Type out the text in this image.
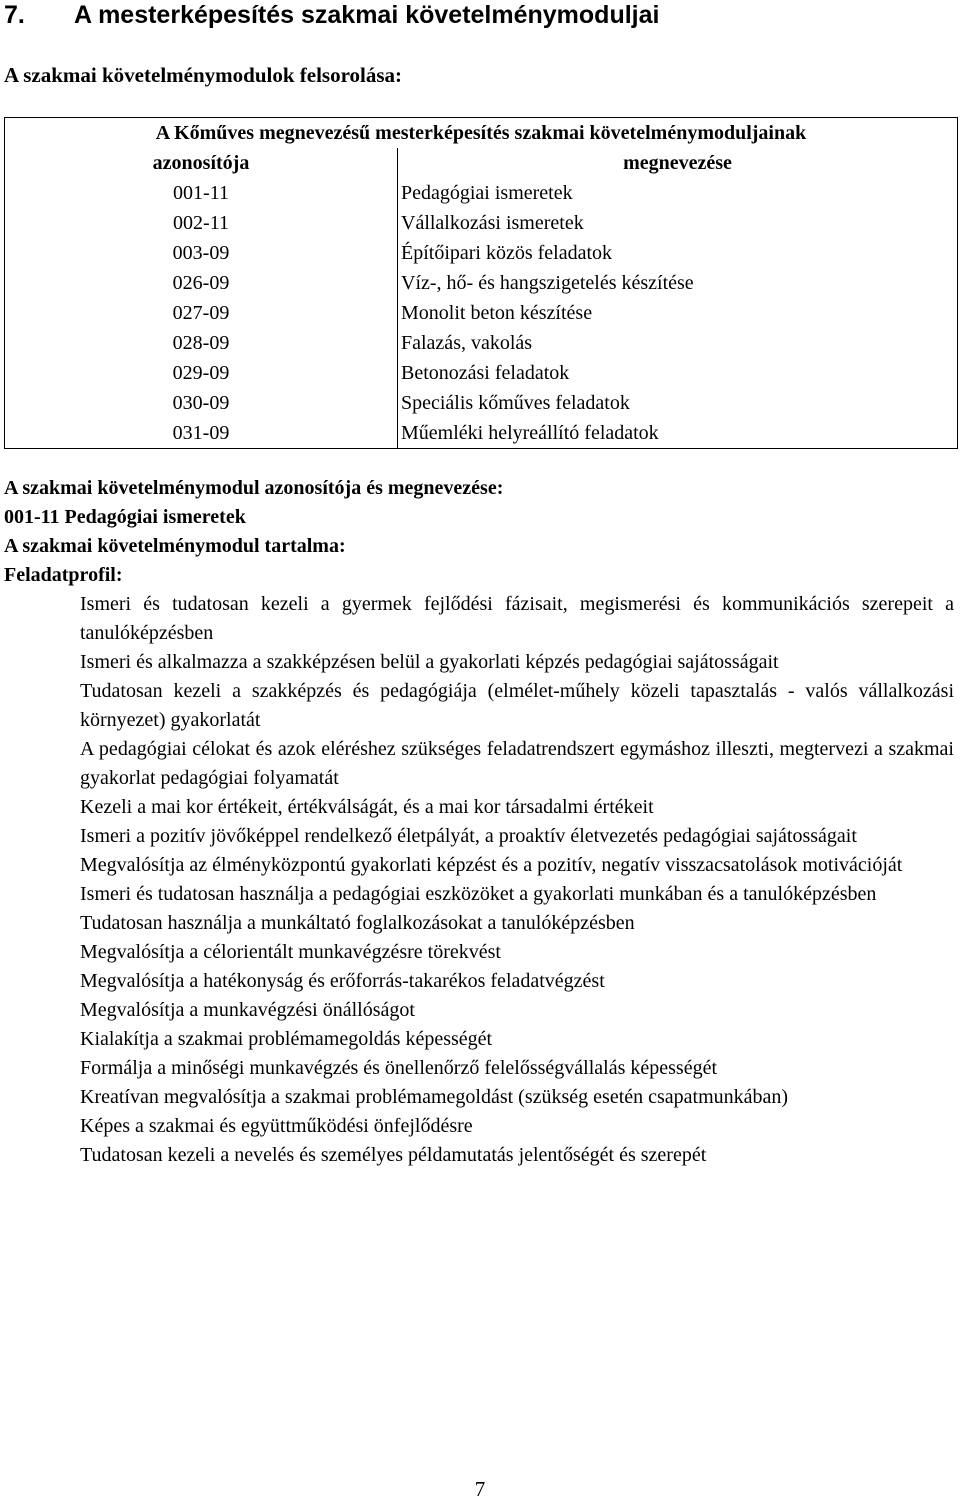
7. A mesterképesítés szakmai követelménymoduljai

A szakmai követelménymodulok felsorolása:

A Kőműves megnevezésű mesterképesítés szakmai követelménymoduljainak	
azonosítója	megnevezése
001-11	Pedagógiai ismeretek
002-11	Vállalkozási ismeretek
003-09	Építőipari közös feladatok
026-09	Víz-, hő- és hangszigetelés készítése
027-09	Monolit beton készítése
028-09	Falazás, vakolás
029-09	Betonozási feladatok
030-09	Speciális kőműves feladatok
031-09	Műemléki helyreállító feladatok

A szakmai követelménymodul azonosítója és megnevezése:

001-11 Pedagógiai ismeretek

A szakmai követelménymodul tartalma:

Feladatprofil:

Ismeri és tudatosan kezeli a gyermek fejlődési fázisait, megismerési és kommunikációs szerepeit a tanulóképzésben
Ismeri és alkalmazza a szakképzésen belül a gyakorlati képzés pedagógiai sajátosságait
Tudatosan kezeli a szakképzés és pedagógiája (elmélet-műhely közeli tapasztalás - valós vállalkozási környezet) gyakorlatát
A pedagógiai célokat és azok eléréshez szükséges feladatrendszert egymáshoz illeszti, megtervezi a szakmai gyakorlat pedagógiai folyamatát
Kezeli a mai kor értékeit, értékválságát, és a mai kor társadalmi értékeit
Ismeri a pozitív jövőképpel rendelkező életpályát, a proaktív életvezetés pedagógiai sajátosságait
Megvalósítja az élményközpontú gyakorlati képzést és a pozitív, negatív visszacsatolások motivációját
Ismeri és tudatosan használja a pedagógiai eszközöket a gyakorlati munkában és a tanulóképzésben
Tudatosan használja a munkáltató foglalkozásokat a tanulóképzésben
Megvalósítja a célorientált munkavégzésre törekvést
Megvalósítja a hatékonyság és erőforrás-takarékos feladatvégzést
Megvalósítja a munkavégzési önállóságot
Kialakítja a szakmai problémamegoldás képességét
Formálja a minőségi munkavégzés és önellenőrző felelősségvállalás képességét
Kreatívan megvalósítja a szakmai problémamegoldást (szükség esetén csapatmunkában)
Képes a szakmai és együttműködési önfejlődésre
Tudatosan kezeli a nevelés és személyes példamutatás jelentőségét és szerepét
7
